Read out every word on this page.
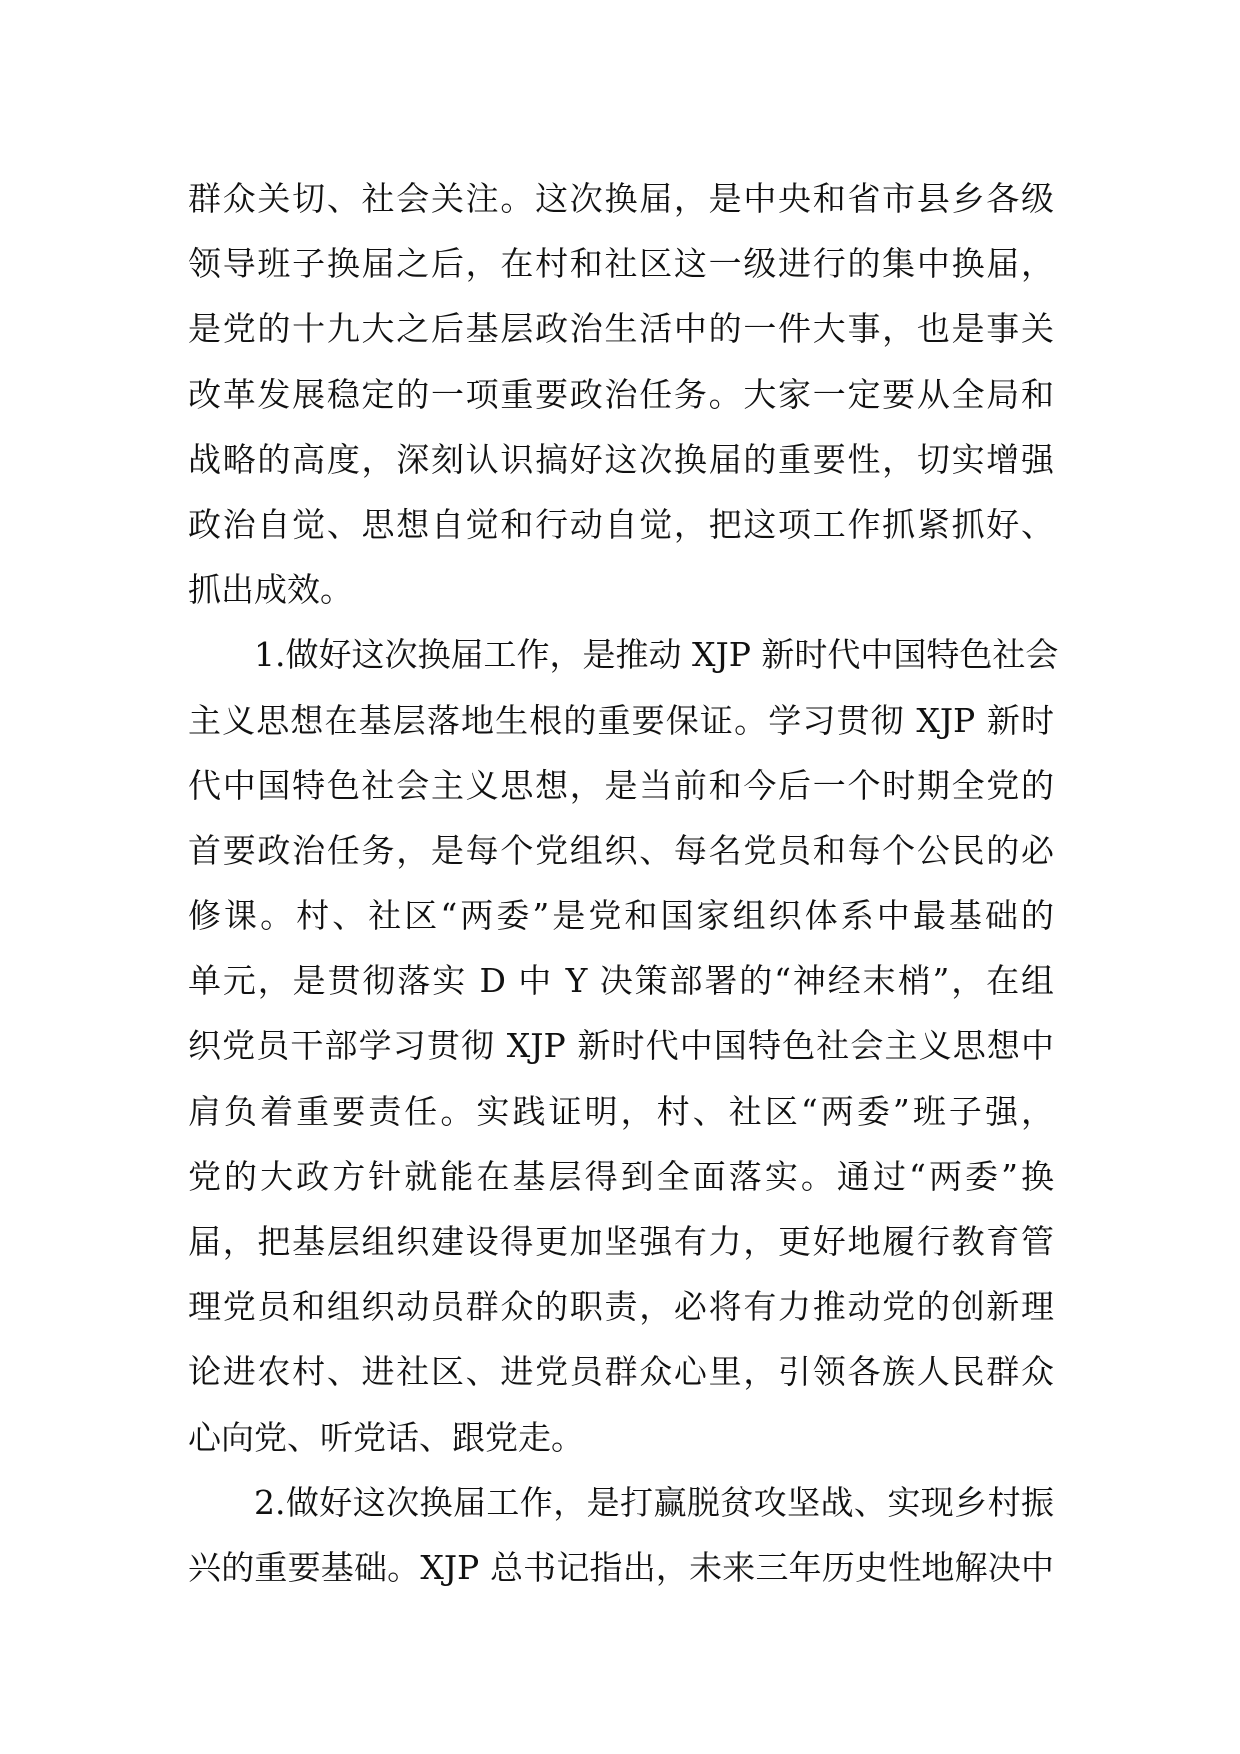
群众关切、社会关注。这次换届，是中央和省市县乡各级
领导班子换届之后，在村和社区这一级进行的集中换届，
是党的十九大之后基层政治生活中的一件大事，也是事关
改革发展稳定的一项重要政治任务。大家一定要从全局和
战略的高度，深刻认识搞好这次换届的重要性，切实增强
政治自觉、思想自觉和行动自觉，把这项工作抓紧抓好、
抓出成效。
1.做好这次换届工作，是推动 XJP 新时代中国特色社会
主义思想在基层落地生根的重要保证。学习贯彻 XJP 新时
代中国特色社会主义思想，是当前和今后一个时期全党的
首要政治任务，是每个党组织、每名党员和每个公民的必
修课。村、社区“两委”是党和国家组织体系中最基础的
单元，是贯彻落实 D 中 Y 决策部署的“神经末梢”，在组
织党员干部学习贯彻 XJP 新时代中国特色社会主义思想中
肩负着重要责任。实践证明，村、社区“两委”班子强，
党的大政方针就能在基层得到全面落实。通过“两委”换
届，把基层组织建设得更加坚强有力，更好地履行教育管
理党员和组织动员群众的职责，必将有力推动党的创新理
论进农村、进社区、进党员群众心里，引领各族人民群众
心向党、听党话、跟党走。
2.做好这次换届工作，是打赢脱贫攻坚战、实现乡村振
兴的重要基础。XJP 总书记指出，未来三年历史性地解决中
